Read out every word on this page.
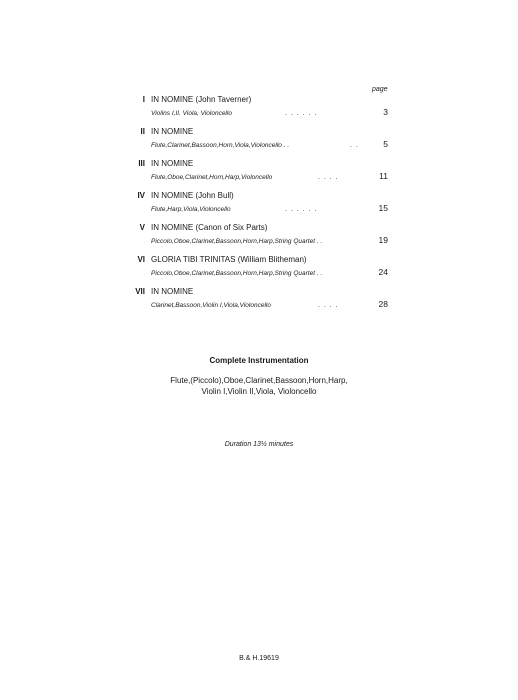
page
I IN NOMINE (John Taverner)
Violins I,II. Viola, Violoncello	. . . . . .	3
II IN NOMINE
Flute,Clarinet,Bassoon,Horn,Viola,Violoncello . .	. .	5
III IN NOMINE
Flute,Oboe,Clarinet,Horn,Harp,Violoncello	. . . .	11
IV IN NOMINE (John Bull)
Flute,Harp,Viola,Violoncello	. . . . . .	15
V IN NOMINE (Canon of Six Parts)
Piccolo,Oboe,Clarinet,Bassoon,Horn,Harp,String Quartet . .	19
VI GLORIA TIBI TRINITAS (William Blitheman)
Piccolo,Oboe,Clarinet,Bassoon,Horn,Harp,String Quartet . .	24
VII IN NOMINE
Clarinet,Bassoon,Violin I,Viola,Violoncello	. . . .	28
Complete Instrumentation
Flute,(Piccolo),Oboe,Clarinet,Bassoon,Horn,Harp,
Violin I,Violin II,Viola, Violoncello
Duration 13½ minutes
B.& H.19619
